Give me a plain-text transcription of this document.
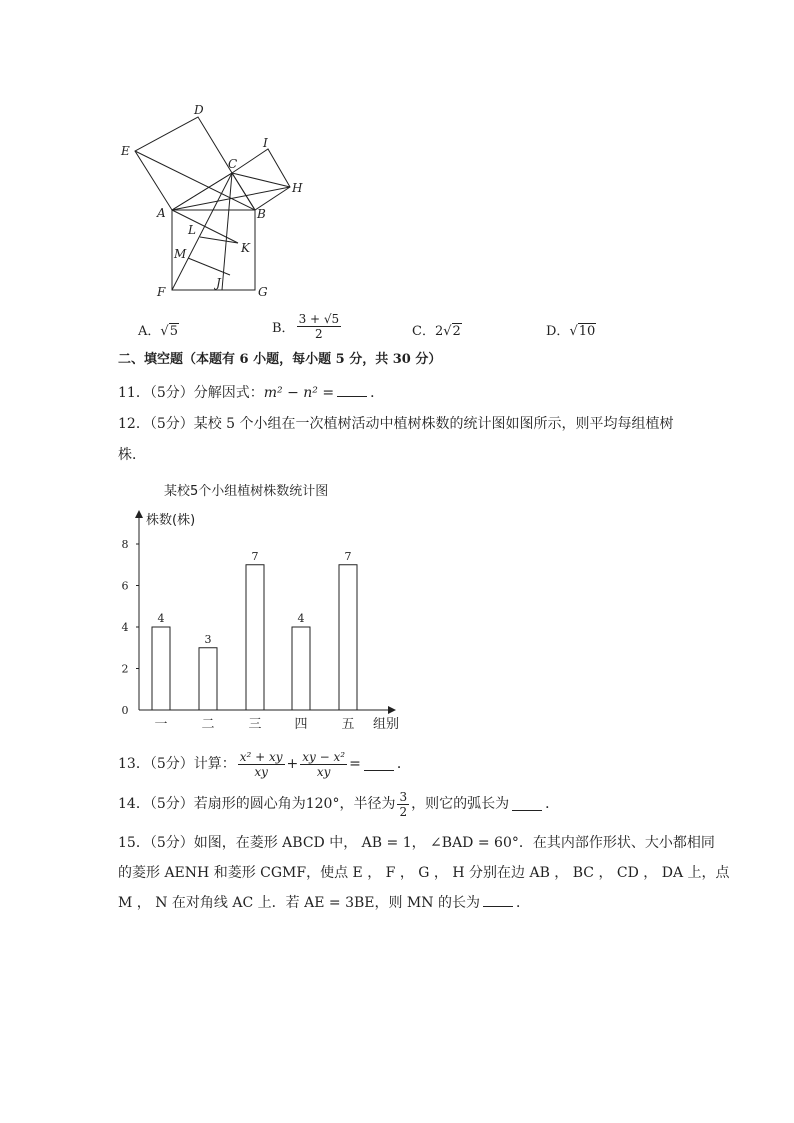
D
E
C
I
H
A	B
L
K
M
F
J
G
A．√5	B． $\frac{3 + √5}{2}$	C．2√2	D．√10
二、填空题（本题有 6 小题，每小题 5 分，共 30 分）
11．（5分）分解因式：m² − n² =	．
12．（5分）某校 5 个小组在一次植树活动中植树株数的统计图如图所示，则平均每组植树
株．
某校5个小组植树株数统计图
株数(株)
组别
0
2
4
6
8
4
一
3
二
7
三
4
四
7
五
13．（5分）计算： $\frac{\text{x² + xy}}{xy} + \frac{\text{xy − x²}}{xy}$ =	．
14．（5分）若扇形的圆心角为120°，半径为 $\frac{3}{2}$ ，则它的弧长为	．
15．（5分）如图，在菱形 ABCD 中， AB = 1， ∠BAD = 60°．在其内部作形状、大小都相同
的菱形 AENH 和菱形 CGMF，使点 E ， F ， G ， H 分别在边 AB ， BC ， CD ， DA 上，点
M ， N 在对角线 AC 上．若 AE = 3BE，则 MN 的长为	．
